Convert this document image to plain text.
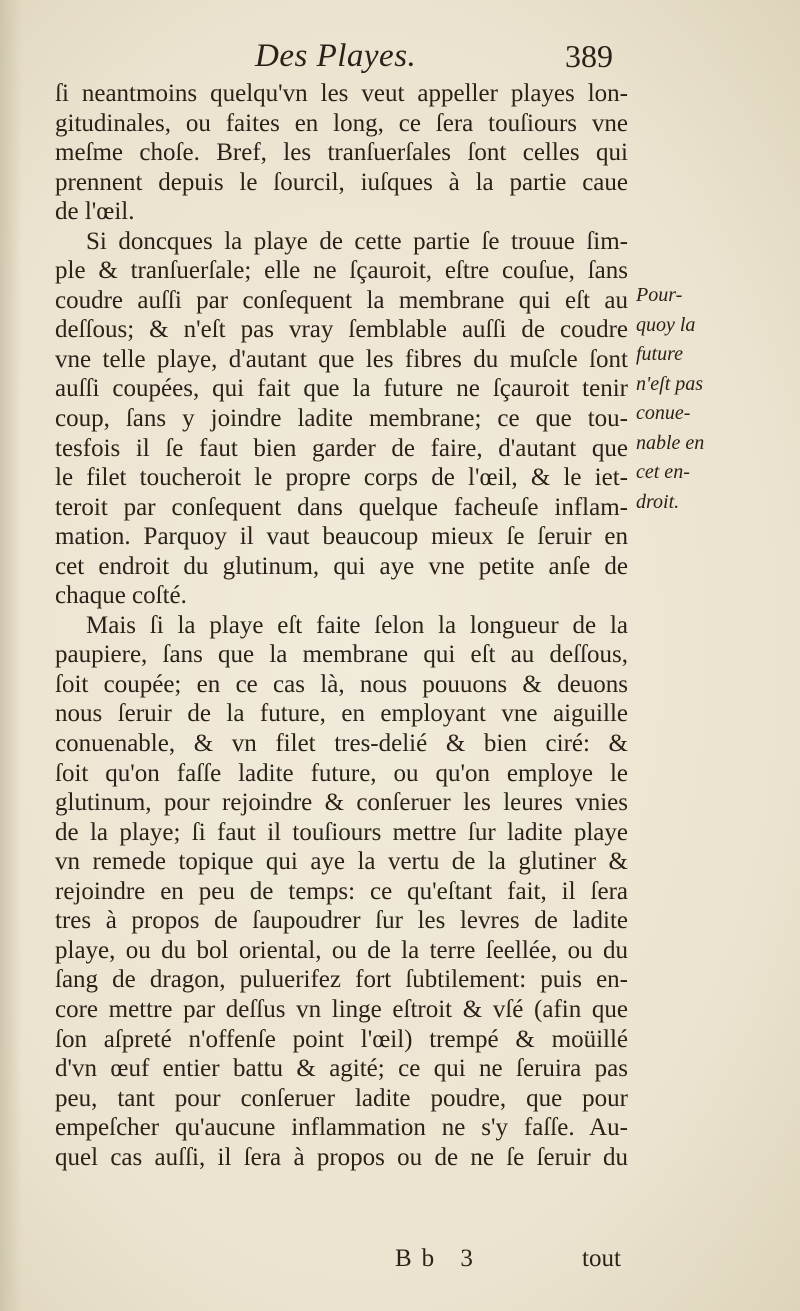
Des Playes.	389
ſi neantmoins quelqu'vn les veut appeller playes lon-
gitudinales, ou faites en long, ce ſera touſiours vne
meſme choſe. Bref, les tranſuerſales ſont celles qui
prennent depuis le ſourcil, iuſques à la partie caue
de l'œil.
Si doncques la playe de cette partie ſe trouue ſim-
ple & tranſuerſale; elle ne ſçauroit, eſtre couſue, ſans
coudre auſſi par conſequent la membrane qui eſt au
deſſous; & n'eſt pas vray ſemblable auſſi de coudre
vne telle playe, d'autant que les fibres du muſcle ſont
auſſi coupées, qui fait que la future ne ſçauroit tenir
coup, ſans y joindre ladite membrane; ce que tou-
tesfois il ſe faut bien garder de faire, d'autant que
le filet toucheroit le propre corps de l'œil, & le iet-
teroit par conſequent dans quelque facheuſe inflam-
mation. Parquoy il vaut beaucoup mieux ſe ſeruir en
cet endroit du glutinum, qui aye vne petite anſe de
chaque coſté.
Mais ſi la playe eſt faite ſelon la longueur de la
paupiere, ſans que la membrane qui eſt au deſſous,
ſoit coupée; en ce cas là, nous pouuons & deuons
nous ſeruir de la future, en employant vne aiguille
conuenable, & vn filet tres-delié & bien ciré: &
ſoit qu'on faſſe ladite future, ou qu'on employe le
glutinum, pour rejoindre & conſeruer les leures vnies
de la playe; ſi faut il touſiours mettre ſur ladite playe
vn remede topique qui aye la vertu de la glutiner &
rejoindre en peu de temps: ce qu'eſtant fait, il ſera
tres à propos de ſaupoudrer ſur les levres de ladite
playe, ou du bol oriental, ou de la terre ſeellée, ou du
ſang de dragon, puluerifez fort ſubtilement: puis en-
core mettre par deſſus vn linge eſtroit & vſé (afin que
ſon aſpreté n'offenſe point l'œil) trempé & moüillé
d'vn œuf entier battu & agité; ce qui ne ſeruira pas
peu, tant pour conſeruer ladite poudre, que pour
empeſcher qu'aucune inflammation ne s'y faſſe. Au-
quel cas auſſi, il ſera à propos ou de ne ſe ſeruir du
Pour-
quoy la
future
n'eſt pas
conue-
nable en
cet en-
droit.
Bb 3	tout
